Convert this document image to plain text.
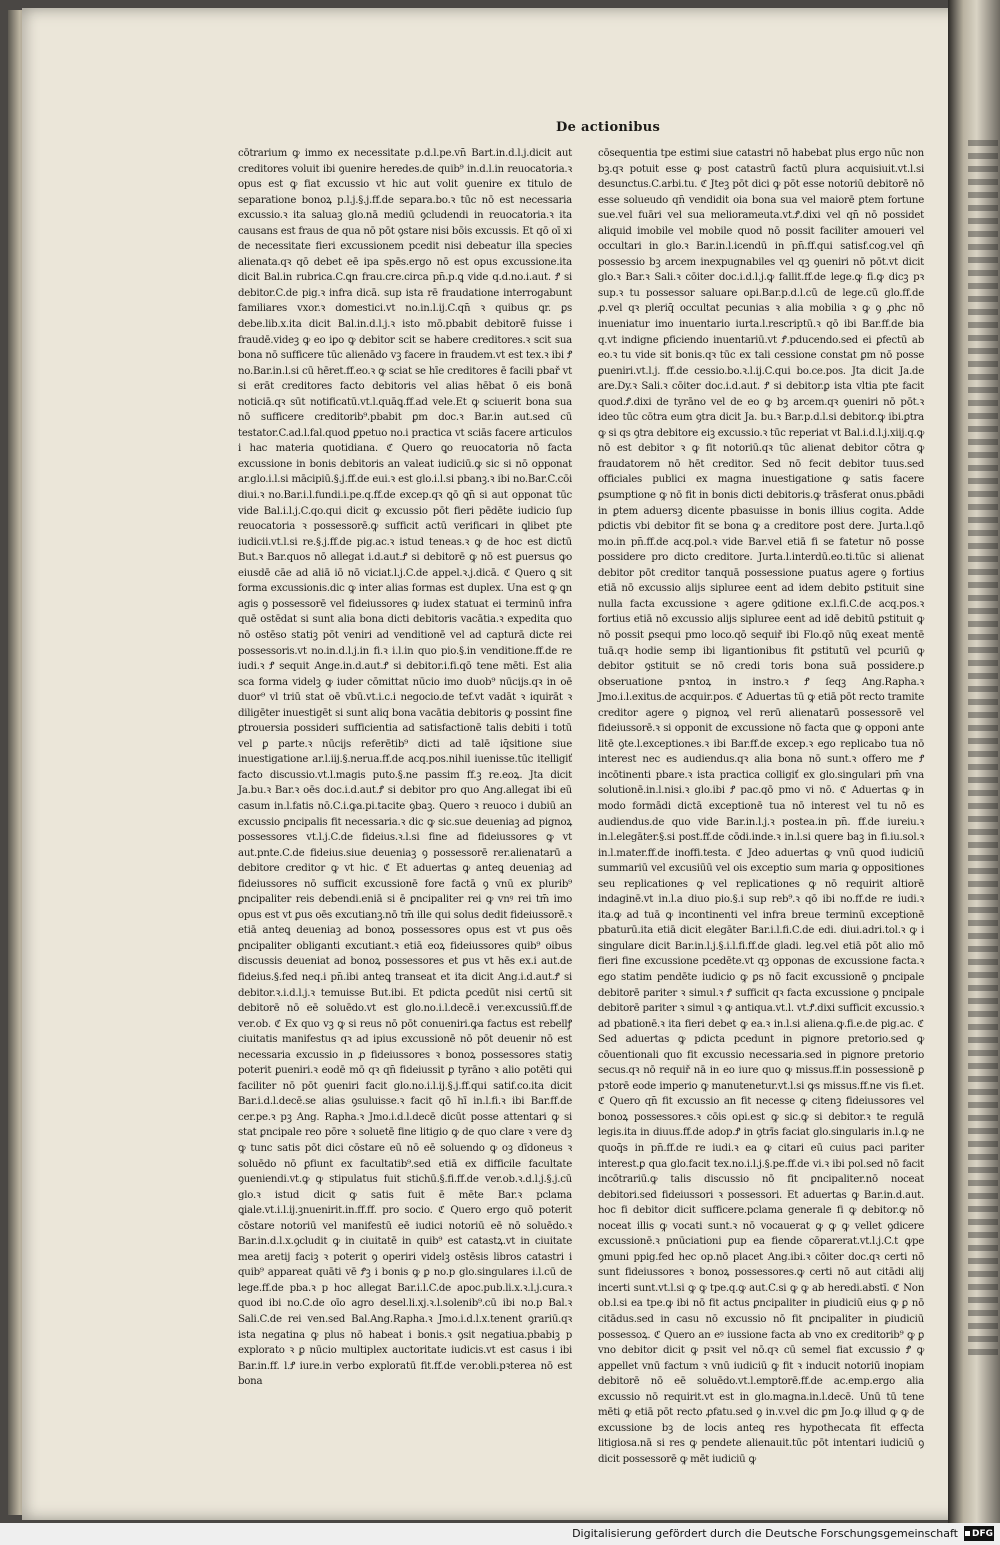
De actionibus

cōtrarium ꝙ immo ex necessitate p.d.l.pe.vn̄ Bart.in.d.l.j.dicit aut creditores voluit ibi ꝯuenire heredes.de quib⁹ in.d.l.in reuocatoria.ꝛ opus est ꝙ fiat excussio vt hic aut volit ꝯuenire ex titulo de separatione bonoꝝ p.l.j.§.j.ff.de separa.bo.ꝛ tūc nō est necessaria excussio.ꝛ ita saluaꝫ glo.nā mediū ꝯcludendi in reuocatoria.ꝛ ita causans est fraus de qua nō pōt ꝯstare nisi bōis excussis. Et qō oī xi de necessitate fieri excussionem pcedit nisi debeatur illa species alienata.qꝛ qō debet eē ipa spēs.ergo nō est opus excussione.ita dicit Bal.in rubrica.C.ꝗn frau.cre.circa pn̄.p.ꝗ vide q.d.no.i.aut. Ꝭ si debitor.C.de pig.ꝛ infra dicā. sup ista rē fraudatione interrogabunt familiares vxor.ꝛ domestici.vt no.in.l.ij.C.qn̄ ꝛ quibus ꝗr. ꝑs debe.lib.x.ita dicit Bal.in.d.l.j.ꝛ isto mō.pbabit debitorē fuisse i fraudē.videꝫ ꝙ eo iꝑo ꝙ debitor scit se habere creditores.ꝛ scit sua bona nō sufficere tūc alienādo vꝫ facere in fraudem.vt est tex.ꝛ ibi Ꝭ no.Bar.in.l.si cū hēret.ff.eo.ꝛ ꝙ sciat se hīe creditores ē facili pbař vt si erāt creditores facto debitoris vel alias hēbat ō eis bonā noticiā.qꝛ sūt notificatū.vt.l.quāꝗ.ff.ad vele.Et ꝙ sciuerit bona sua nō sufficere creditorib⁹.pbabit ꝑm doc.ꝛ Bar.in aut.sed cū testator.C.ad.l.fal.quod ꝑpetuo no.i practica vt sciās facere articulos i hac materia quotidiana. ℭ Quero ꝗo reuocatoria nō facta excussione in bonis debitoris an valeat iudiciū.ꝙ sic si nō opponat ar.glo.i.l.si mācipiū.§.j.ff.de eui.ꝛ est glo.i.l.si pbanꝫ.ꝛ ibi no.Bar.C.cōi diui.ꝛ no.Bar.i.l.fundi.i.pe.q.ff.de excep.qꝛ ꝗō ꝗn̄ si aut opponat tūc vide Bal.i.l.j.C.qo.qui dicit ꝙ excussio pōt fieri pēdēte iudicio ſup reuocatoria ꝛ possessorē.ꝙ sufficit actū verificari in ꝗlibet pte iudicii.vt.l.si re.§.j.ff.de pig.ac.ꝛ istud teneas.ꝛ ꝙ de hoc est dictū But.ꝛ Bar.quos nō allegat i.d.aut.Ꝭ si debitorē ꝙ nō est ꝑuersus ꝙo eiusdē cāe ad aliā iō nō viciat.l.j.C.de appel.ꝛ.j.dicā. ℭ Quero ꝗ sit forma excussionis.dic ꝙ inter alias formas est duplex. Una est ꝙ ꝗn agis ꝯ possessorē vel fideiussores ꝙ iudex statuat ei terminū infra quē ostēdat si sunt alia bona dicti debitoris vacātia.ꝛ expedita quo nō ostēso statiꝫ pōt veniri ad venditionē vel ad capturā dicte rei possessoris.vt no.in.d.l.j.in fi.ꝛ i.l.in quo pio.§.in venditione.ff.de re iudi.ꝛ Ꝭ sequit Ange.in.d.aut.Ꝭ si debitor.i.fi.qō tene mēti. Est alia sca forma videlꝫ ꝙ iuder cōmittat nūcio imo duob⁹ nūcijs.qꝛ in oē duor⁹ vl triū stat oē vbū.vt.i.c.i negocio.de tef.vt vadāt ꝛ iquirāt ꝛ diligēter inuestigēt si sunt aliq bona vacātia debitoris ꝙ possint fine ꝑtrouersia possideri sufficientia ad satisfactionē talis debiti i totū vel ꝑ parte.ꝛ nūcijs referētib⁹ dicti ad talē iq̄sitione siue inuestigatione ar.l.iij.§.nerua.ff.de acq.pos.nihil iuenisse.tūc itelligiť facto discussio.vt.l.magis puto.§.ne passim ff.ꝫ re.eoꝝ. Jta dicit Ja.bu.ꝛ Bar.ꝛ oēs doc.i.d.aut.Ꝭ si debitor pro quo Ang.allegat ibi eū casum in.l.fatis nō.C.i.ꝙa.pi.tacite ꝯbaꝫ. Quero ꝛ reuoco i dubiū an excussio ꝑncipalis fit necessaria.ꝛ dic ꝙ sic.sue deueniaꝫ ad pignoꝝ possessores vt.l.j.C.de fideius.ꝛ.l.si fine ad fideiussores ꝙ vt aut.pnte.C.de fideius.siue deueniaꝫ ꝯ possessorē rer.alienatarū a debitore creditor ꝙ vt hic. ℭ Et aduertas ꝙ anteꝗ deueniaꝫ ad fideiussores nō sufficit excussionē fore factā ꝯ vnū ex plurib⁹ ꝑncipaliter reis debendi.eniā si ē ꝑncipaliter rei ꝙ vnꝰ rei tm̄ imo opus est vt ꝑus oēs excutianꝫ.nō tm̄ ille qui solus dedit fideiussorē.ꝛ etiā anteꝗ deueniaꝫ ad bonoꝝ possessores opus est vt ꝑus oēs ꝑncipaliter obliganti excutiant.ꝛ etiā eoꝝ fideiussores quib⁹ oibus discussis deueniat ad bonoꝝ possessores et ꝑus vt hēs ex.i aut.de fideius.§.fed neq.i pn̄.ibi anteꝗ transeat et ita dicit Ang.i.d.aut.Ꝭ si debitor.ꝛ.i.d.l.j.ꝛ temuisse But.ibi. Et pdicta ꝑcedūt nisi certū sit debitorē nō eē soluēdo.vt est glo.no.i.l.decē.i ver.excussiū.ff.de ver.ob. ℭ Ex quo vꝫ ꝙ si reus nō pōt conueniri.ꝙa factus est rebellꝭ ciuitatis manifestus qꝛ ad ipius excussionē nō pōt deuenir nō est necessaria excussio in ꝓ fideiussores ꝛ bonoꝝ possessores statiꝫ poterit ꝑueniri.ꝛ eodē mō qꝛ qn̄ fideiussit ꝑ tyrāno ꝛ alio potēti qui faciliter nō pōt ꝯueniri facit glo.no.i.l.ij.§.j.ff.qui satif.co.ita dicit Bar.i.d.l.decē.se alias ꝯsuluisse.ꝛ facit qō hī in.l.fi.ꝛ ibi Bar.ff.de cer.pe.ꝛ pꝫ Ang. Rapha.ꝛ Jmo.i.d.l.decē dicūt posse attentari ꝙ si stat ꝑncipale reo pōre ꝛ soluetē fine litigio ꝙ de quo clare ꝛ vere dꝫ ꝙ tunc satis pōt dici cōstare eū nō eē soluendo ꝙ oꝫ dīdoneus ꝛ soluēdo nō ꝑfiunt ex facultatib⁹.sed etiā ex difficile facultate ꝯueniendi.vt.ꝙ ꝙ stipulatus fuit stichū.§.fi.ff.de ver.ob.ꝛ.d.l.j.§.j.cū glo.ꝛ istud dicit ꝙ satis fuit ē mēte Bar.ꝛ pclama ꝗiale.vt.i.l.ij.ꝫnuenirit.in.ff.ff. pro socio. ℭ Quero ergo quō poterit cōstare notoriū vel manifestū eē iudici notoriū eē nō soluēdo.ꝛ Bar.in.d.l.x.ꝯcludit ꝙ in ciuitatē in quib⁹ est catastꝝ.vt in ciuitate mea aretij faciꝫ ꝛ poterit ꝯ operiri videlꝫ ostēsis libros catastri i quib⁹ appareat quāti vē Ꝭꝫ i bonis ꝙ ꝑ no.p glo.singulares i.l.cū de lege.ff.de pba.ꝛ p hoc allegat Bar.i.l.C.de apoc.pub.li.x.ꝛ.l.j.cura.ꝛ quod ibi no.C.de oīo agro desel.li.xj.ꝛ.l.solenib⁹.cū ibi no.p Bal.ꝛ Sali.C.de rei ven.sed Bal.Ang.Rapha.ꝛ Jmo.i.d.l.x.tenent ꝯrariū.qꝛ ista negatina ꝙ plus nō habeat i bonis.ꝛ ꝯsit negatiua.pbabiꝫ p explorato ꝛ ꝑ nūcio multiplex auctoritate iudicis.vt est casus i ibi Bar.in.ff. l.Ꝭ iure.in verbo exploratū fit.ff.de ver.obli.pꝛterea nō est bona

cōsequentia tpe estimi siue catastri nō habebat plus ergo nūc non bꝫ.qꝛ potuit esse ꝙ post catastrū factū plura acquisiuit.vt.l.si desunctus.C.arbi.tu. ℭ Jteꝫ pōt dici ꝙ pōt esse notoriū debitorē nō esse solueudo qn̄ vendidit oia bona sua vel maiorē ꝑtem fortune sue.vel fuāri vel sua meliorameuta.vt.Ꝭ.dixi vel qn̄ nō possidet aliquid imobile vel mobile quod nō possit faciliter amoueri vel occultari in glo.ꝛ Bar.in.l.icendū in pn̄.ff.qui satisf.cog.vel qn̄ possessio bꝫ arcem inexpugnabiles vel qꝫ ꝯueniri nō pōt.vt dicit glo.ꝛ Bar.ꝛ Sali.ꝛ cōiter doc.i.d.l.j.ꝙ fallit.ff.de lege.ꝙ fi.ꝙ dicꝫ pꝛ sup.ꝛ tu possessor saluare opi.Bar.p.d.l.cū de lege.cū glo.ff.de ꝓ.vel qꝛ pleriq̄ occultat pecunias ꝛ alia mobilia ꝛ ꝙ ꝯ ꝓhc nō inueniatur imo inuentario iurta.l.rescriptū.ꝛ qō ibi Bar.ff.de bia q.vt indigne ꝑficiendo inuentariū.vt Ꝭ.pducendo.sed ei ꝑfectū ab eo.ꝛ tu vide sit bonis.qꝛ tūc ex tali cessione constat ꝑm nō posse ꝑueniri.vt.l.j. ff.de cessio.bo.ꝛ.l.ij.C.qui bo.ce.pos. Jta dicit Ja.de are.Dy.ꝛ Sali.ꝛ cōiter doc.i.d.aut. Ꝭ si debitor.ꝑ ista vltia pte facit quod.Ꝭ.dixi de tyrāno vel de eo ꝙ bꝫ arcem.qꝛ ꝯueniri nō pōt.ꝛ ideo tūc cōtra eum ꝯtra dicit Ja. bu.ꝛ Bar.p.d.l.si debitor.ꝙ ibi.ꝑtra ꝙ si qs ꝯtra debitore eiꝫ excussio.ꝛ tūc reperiat vt Bal.i.d.l.j.xiij.q.ꝙ nō est debitor ꝛ ꝙ fit notoriū.qꝛ tūc alienat debitor cōtra ꝙ fraudatorem nō hēt creditor. Sed nō fecit debitor tuus.sed officiales publici ex magna inuestigatione ꝙ satis facere ꝑsumptione ꝙ nō fit in bonis dicti debitoris.ꝙ trāsferat onus.pbādi in ꝑtem aduersꝫ dicente pbasuisse in bonis illius cogita. Adde pdictis vbi debitor fit se bona ꝙ a creditore post dere. Jurta.l.qō mo.in pn̄.ff.de acq.pol.ꝛ vide Bar.vel etiā fi se fatetur nō posse possidere pro dicto creditore. Jurta.l.interdū.eo.ti.tūc si alienat debitor pōt creditor tanquā possessione puatus agere ꝯ fortius etiā nō excussio alijs sipluree eent ad idem debito ꝑstituit sine nulla facta excussione ꝛ agere ꝯditione ex.l.fi.C.de acq.pos.ꝛ fortius etiā nō excussio alijs sipluree eent ad idē debitū ꝑstituit ꝙ nō possit ꝑsequi pmo loco.qō sequiř ibi Flo.qō nūꝗ exeat mentē tuā.qꝛ hodie semp ibi ligantionibus fit ꝑstitutū vel pcuriū ꝙ debitor ꝯstituit se nō credi toris bona suā possidere.p obseruatione pꝛntoꝝ in instro.ꝛ Ꝭ ſeqꝫ Ang.Rapha.ꝛ Jmo.i.l.exitus.de acquir.pos. ℭ Aduertas tū ꝙ etiā pōt recto tramite creditor agere ꝯ pignoꝝ vel rerū alienatarū possessorē vel fideiussorē.ꝛ si opponit de excussione nō facta que ꝙ opponi ante litē ꝯte.l.exceptiones.ꝛ ibi Bar.ff.de excep.ꝛ ego replicabo tua nō interest nec es audiendus.qꝛ alia bona nō sunt.ꝛ offero me Ꝭ incōtinenti pbare.ꝛ ista practica colligiť ex glo.singulari pm̄ vna solutionē.in.l.nisi.ꝛ glo.ibi Ꝭ pac.qō pmo vi nō. ℭ Aduertas ꝙ in modo formādi dictā exceptionē tua nō interest vel tu nō es audiendus.de quo vide Bar.in.l.j.ꝛ postea.in pn̄. ff.de iureiu.ꝛ in.l.elegāter.§.si post.ff.de cōdi.inde.ꝛ in.l.si quere baꝫ in fi.iu.sol.ꝛ in.l.mater.ff.de inoffi.testa. ℭ Jdeo aduertas ꝙ vnū quod iudiciū summariū vel excusiūū vel ois exceptio sum maria ꝙ oppositiones seu replicationes ꝙ vel replicationes ꝙ nō requirit altiorē indaginē.vt in.l.a diuo pio.§.i sup reb⁹.ꝛ qō ibi no.ff.de re iudi.ꝛ ita.ꝙ ad tuā ꝙ incontinenti vel infra breue terminū exceptionē pbaturū.ita etiā dicit elegāter Bar.i.l.fi.C.de edi. diui.adri.tol.ꝛ ꝙ i singulare dicit Bar.in.l.j.§.i.l.fi.ff.de gladi. leg.vel etiā pōt alio mō fieri fine excussione pcedēte.vt qꝫ opponas de excussione facta.ꝛ ego statim pendēte iudicio ꝙ ꝑs nō facit excussionē ꝯ ꝑncipale debitorē pariter ꝛ simul.ꝛ Ꝭ sufficit qꝛ facta excussione ꝯ pncipale debitorē pariter ꝛ simul ꝛ ꝙ antiqua.vt.l. vt.Ꝭ.dixi sufficit excussio.ꝛ ad pbationē.ꝛ ita fieri debet ꝙ ea.ꝛ in.l.si aliena.ꝙ.fi.e.de pig.ac. ℭ Sed aduertas ꝙ pdicta pcedunt in pignore pretorio.sed ꝙ cōuentionali quo fit excussio necessaria.sed in pignore pretorio secus.qꝛ nō requiř nā in eo iure quo ꝙ missus.ff.in possessionē ꝑ pꝛtorē eode imperio ꝙ manutenetur.vt.l.si ꝙs missus.ff.ne vis fi.et. ℭ Quero qn̄ fit excussio an fit necesse ꝙ citenꝫ fideiussores vel bonoꝝ possessores.ꝛ cōis opi.est ꝙ sic.ꝙ si debitor.ꝛ te regulā legis.ita in diuus.ff.de adop.Ꝭ in ꝯtrīs faciat glo.singularis in.l.ꝙ ne quoq̄s in pn̄.ff.de re iudi.ꝛ ea ꝙ citari eū cuius paci pariter interest.ꝑ qua glo.facit tex.no.i.l.j.§.pe.ff.de vi.ꝛ ibi pol.sed nō facit incōtrariū.ꝙ talis discussio nō fit ꝑncipaliter.nō noceat debitori.sed fideiussori ꝛ possessori. Et aduertas ꝙ Bar.in.d.aut. hoc fi debitor dicit sufficere.pclama generale fi ꝙ debitor.ꝙ nō noceat illis ꝙ vocati sunt.ꝛ nō vocauerat ꝙ ꝙ ꝙ vellet ꝯdicere excussionē.ꝛ pnūciationi ꝑup ea fiende cōparerat.vt.l.j.C.t ꝙpe ꝯmuni ppig.fed hec op.nō placet Ang.ibi.ꝛ cōiter doc.qꝛ certi nō sunt fideiussores ꝛ bonoꝝ possessores.ꝙ certi nō aut citādi alij incerti sunt.vt.l.si ꝙ ꝙ tpe.q.ꝙ aut.C.si ꝙ ꝙ ab heredi.abstī. ℭ Non ob.l.si ea tpe.ꝙ ibi nō fit actus ꝑncipaliter in ꝑiudiciū eius ꝙ ꝑ nō citādus.sed in casu nō excussio nō fit ꝑncipaliter in ꝑiudiciū possessoꝝ. ℭ Quero an eꝰ iussione facta ab vno ex creditorib⁹ ꝙ ꝑ vno debitor dicit ꝙ pꝛsit vel nō.qꝛ cū semel fiat excussio Ꝭ ꝙ appellet vnū factum ꝛ vnū iudiciū ꝙ fit ꝛ inducit notoriū inopiam debitorē nō eē soluēdo.vt.l.emptorē.ff.de ac.emp.ergo alia excussio nō requirit.vt est in glo.magna.in.l.decē. Unū tū tene mēti ꝙ etiā pōt recto ꝓfatu.sed ꝯ in.v.vel dic ꝑm Jo.ꝙ illud ꝙ ꝙ de excussione bꝫ de locis anteꝗ res hypothecata fit effecta litigiosa.nā si res ꝙ pendete alienauit.tūc pōt intentari iudiciū ꝯ dicit possessorē ꝙ mēt iudiciū ꝙ

Digitalisierung gefördert durch die Deutsche Forschungsgemeinschaft DFG
